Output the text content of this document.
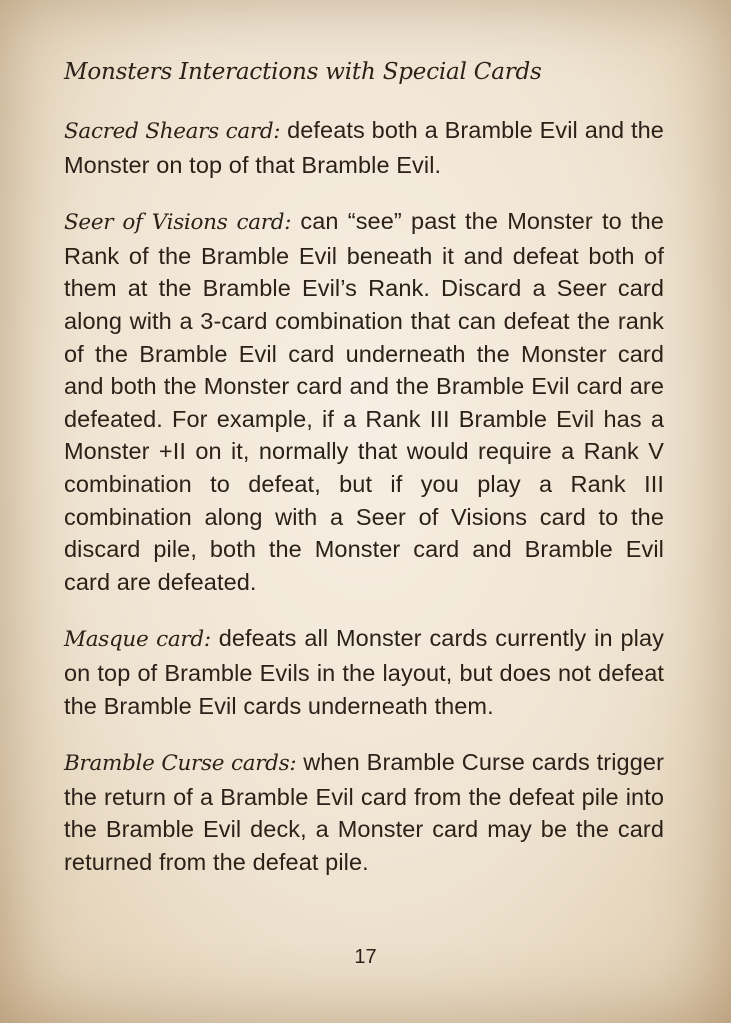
Monsters Interactions with Special Cards

Sacred Shears card: defeats both a Bramble Evil and the Monster on top of that Bramble Evil.

Seer of Visions card: can “see” past the Monster to the Rank of the Bramble Evil beneath it and defeat both of them at the Bramble Evil’s Rank. Discard a Seer card along with a 3-card combination that can defeat the rank of the Bramble Evil card underneath the Monster card and both the Monster card and the Bramble Evil card are defeated. For example, if a Rank III Bramble Evil has a Monster +II on it, normally that would require a Rank V combination to defeat, but if you play a Rank III combination along with a Seer of Visions card to the discard pile, both the Monster card and Bramble Evil card are defeated.

Masque card: defeats all Monster cards currently in play on top of Bramble Evils in the layout, but does not defeat the Bramble Evil cards underneath them.

Bramble Curse cards: when Bramble Curse cards trigger the return of a Bramble Evil card from the defeat pile into the Bramble Evil deck, a Monster card may be the card returned from the defeat pile.

17
